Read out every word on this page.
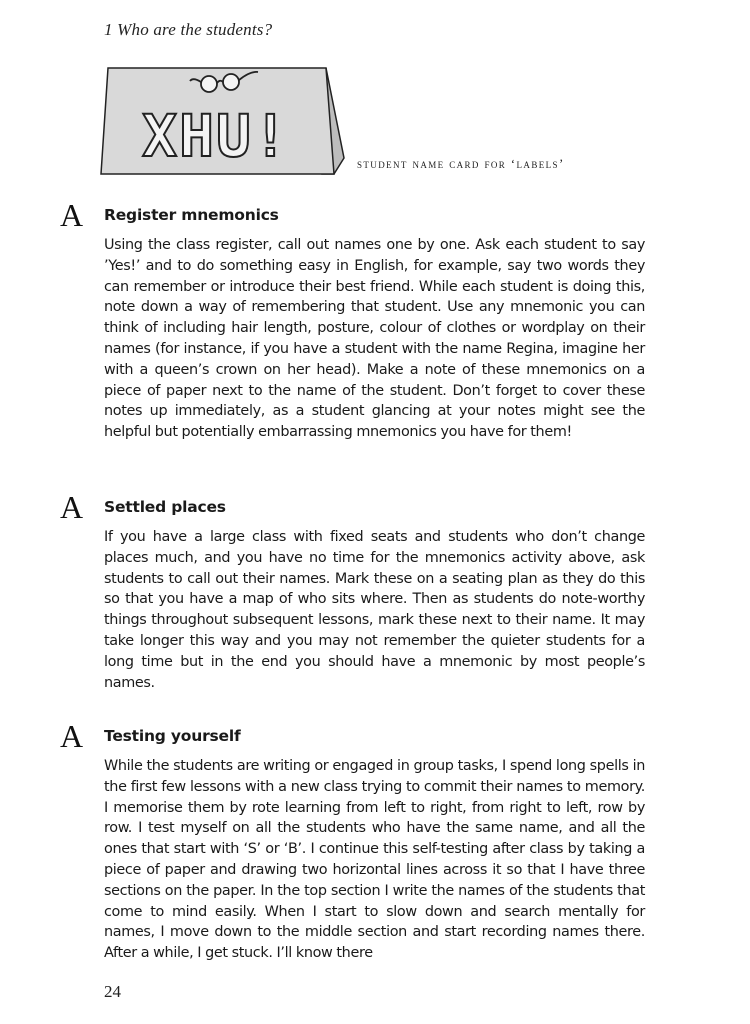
1 Who are the students?
XHU!	student name card for ‘labels’
A Register mnemonics

Using the class register, call out names one by one. Ask each student to say ’Yes!’ and to do something easy in English, for example, say two words they can remember or introduce their best friend. While each student is doing this, note down a way of remembering that student. Use any mnemonic you can think of including hair length, posture, colour of clothes or wordplay on their names (for instance, if you have a student with the name Regina, imagine her with a queen’s crown on her head). Make a note of these mnemonics on a piece of paper next to the name of the student. Don’t forget to cover these notes up immediately, as a student glancing at your notes might see the helpful but potentially embarrassing mnemonics you have for them!

A Settled places

If you have a large class with fixed seats and students who don’t change places much, and you have no time for the mnemonics activity above, ask students to call out their names. Mark these on a seating plan as they do this so that you have a map of who sits where. Then as students do note-worthy things throughout subsequent lessons, mark these next to their name. It may take longer this way and you may not remember the quieter students for a long time but in the end you should have a mnemonic by most people’s names.

A Testing yourself

While the students are writing or engaged in group tasks, I spend long spells in the first few lessons with a new class trying to commit their names to memory. I memorise them by rote learning from left to right, from right to left, row by row. I test myself on all the students who have the same name, and all the ones that start with ‘S’ or ‘B’. I continue this self-testing after class by taking a piece of paper and drawing two horizontal lines across it so that I have three sections on the paper. In the top section I write the names of the students that come to mind easily. When I start to slow down and search mentally for names, I move down to the middle section and start recording names there. After a while, I get stuck. I’ll know there

24
